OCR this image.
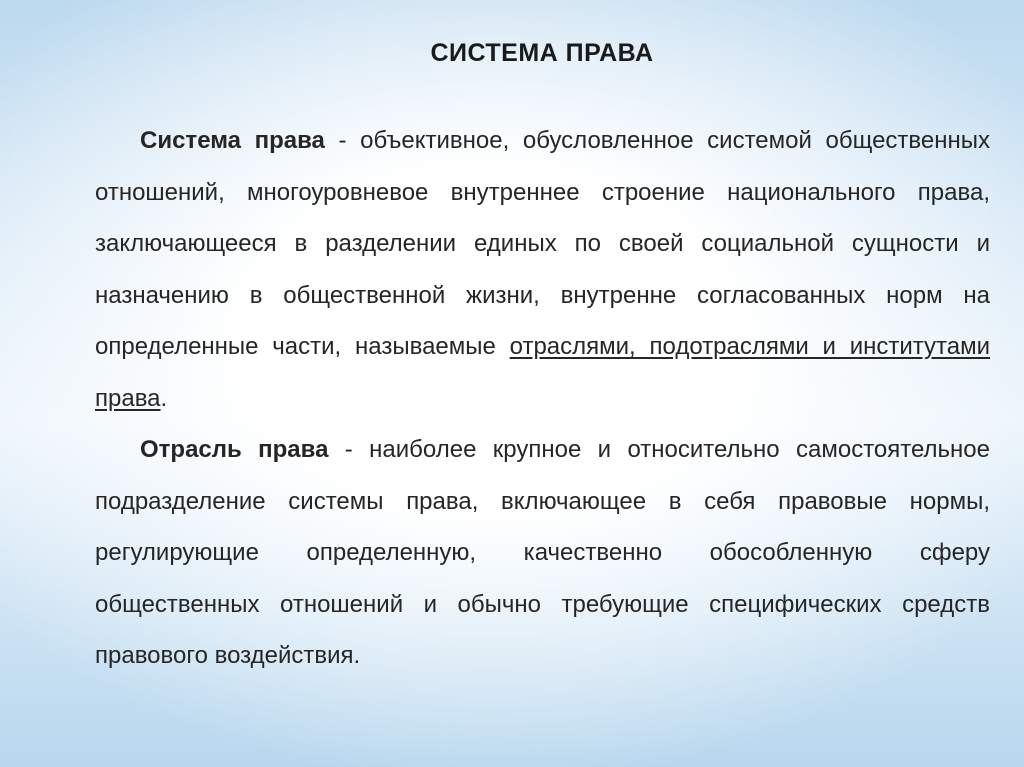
СИСТЕМА ПРАВА

Система права - объективное, обусловленное системой общественных отношений, многоуровневое внутреннее строение национального права, заключающееся в разделении единых по своей социальной сущности и назначению в общественной жизни, внутренне согласованных норм на определенные части, называемые отраслями, подотраслями и институтами права.

Отрасль права - наиболее крупное и относительно самостоятельное подразделение системы права, включающее в себя правовые нормы, регулирующие определенную, качественно обособленную сферу общественных отношений и обычно требующие специфических средств правового воздействия.
